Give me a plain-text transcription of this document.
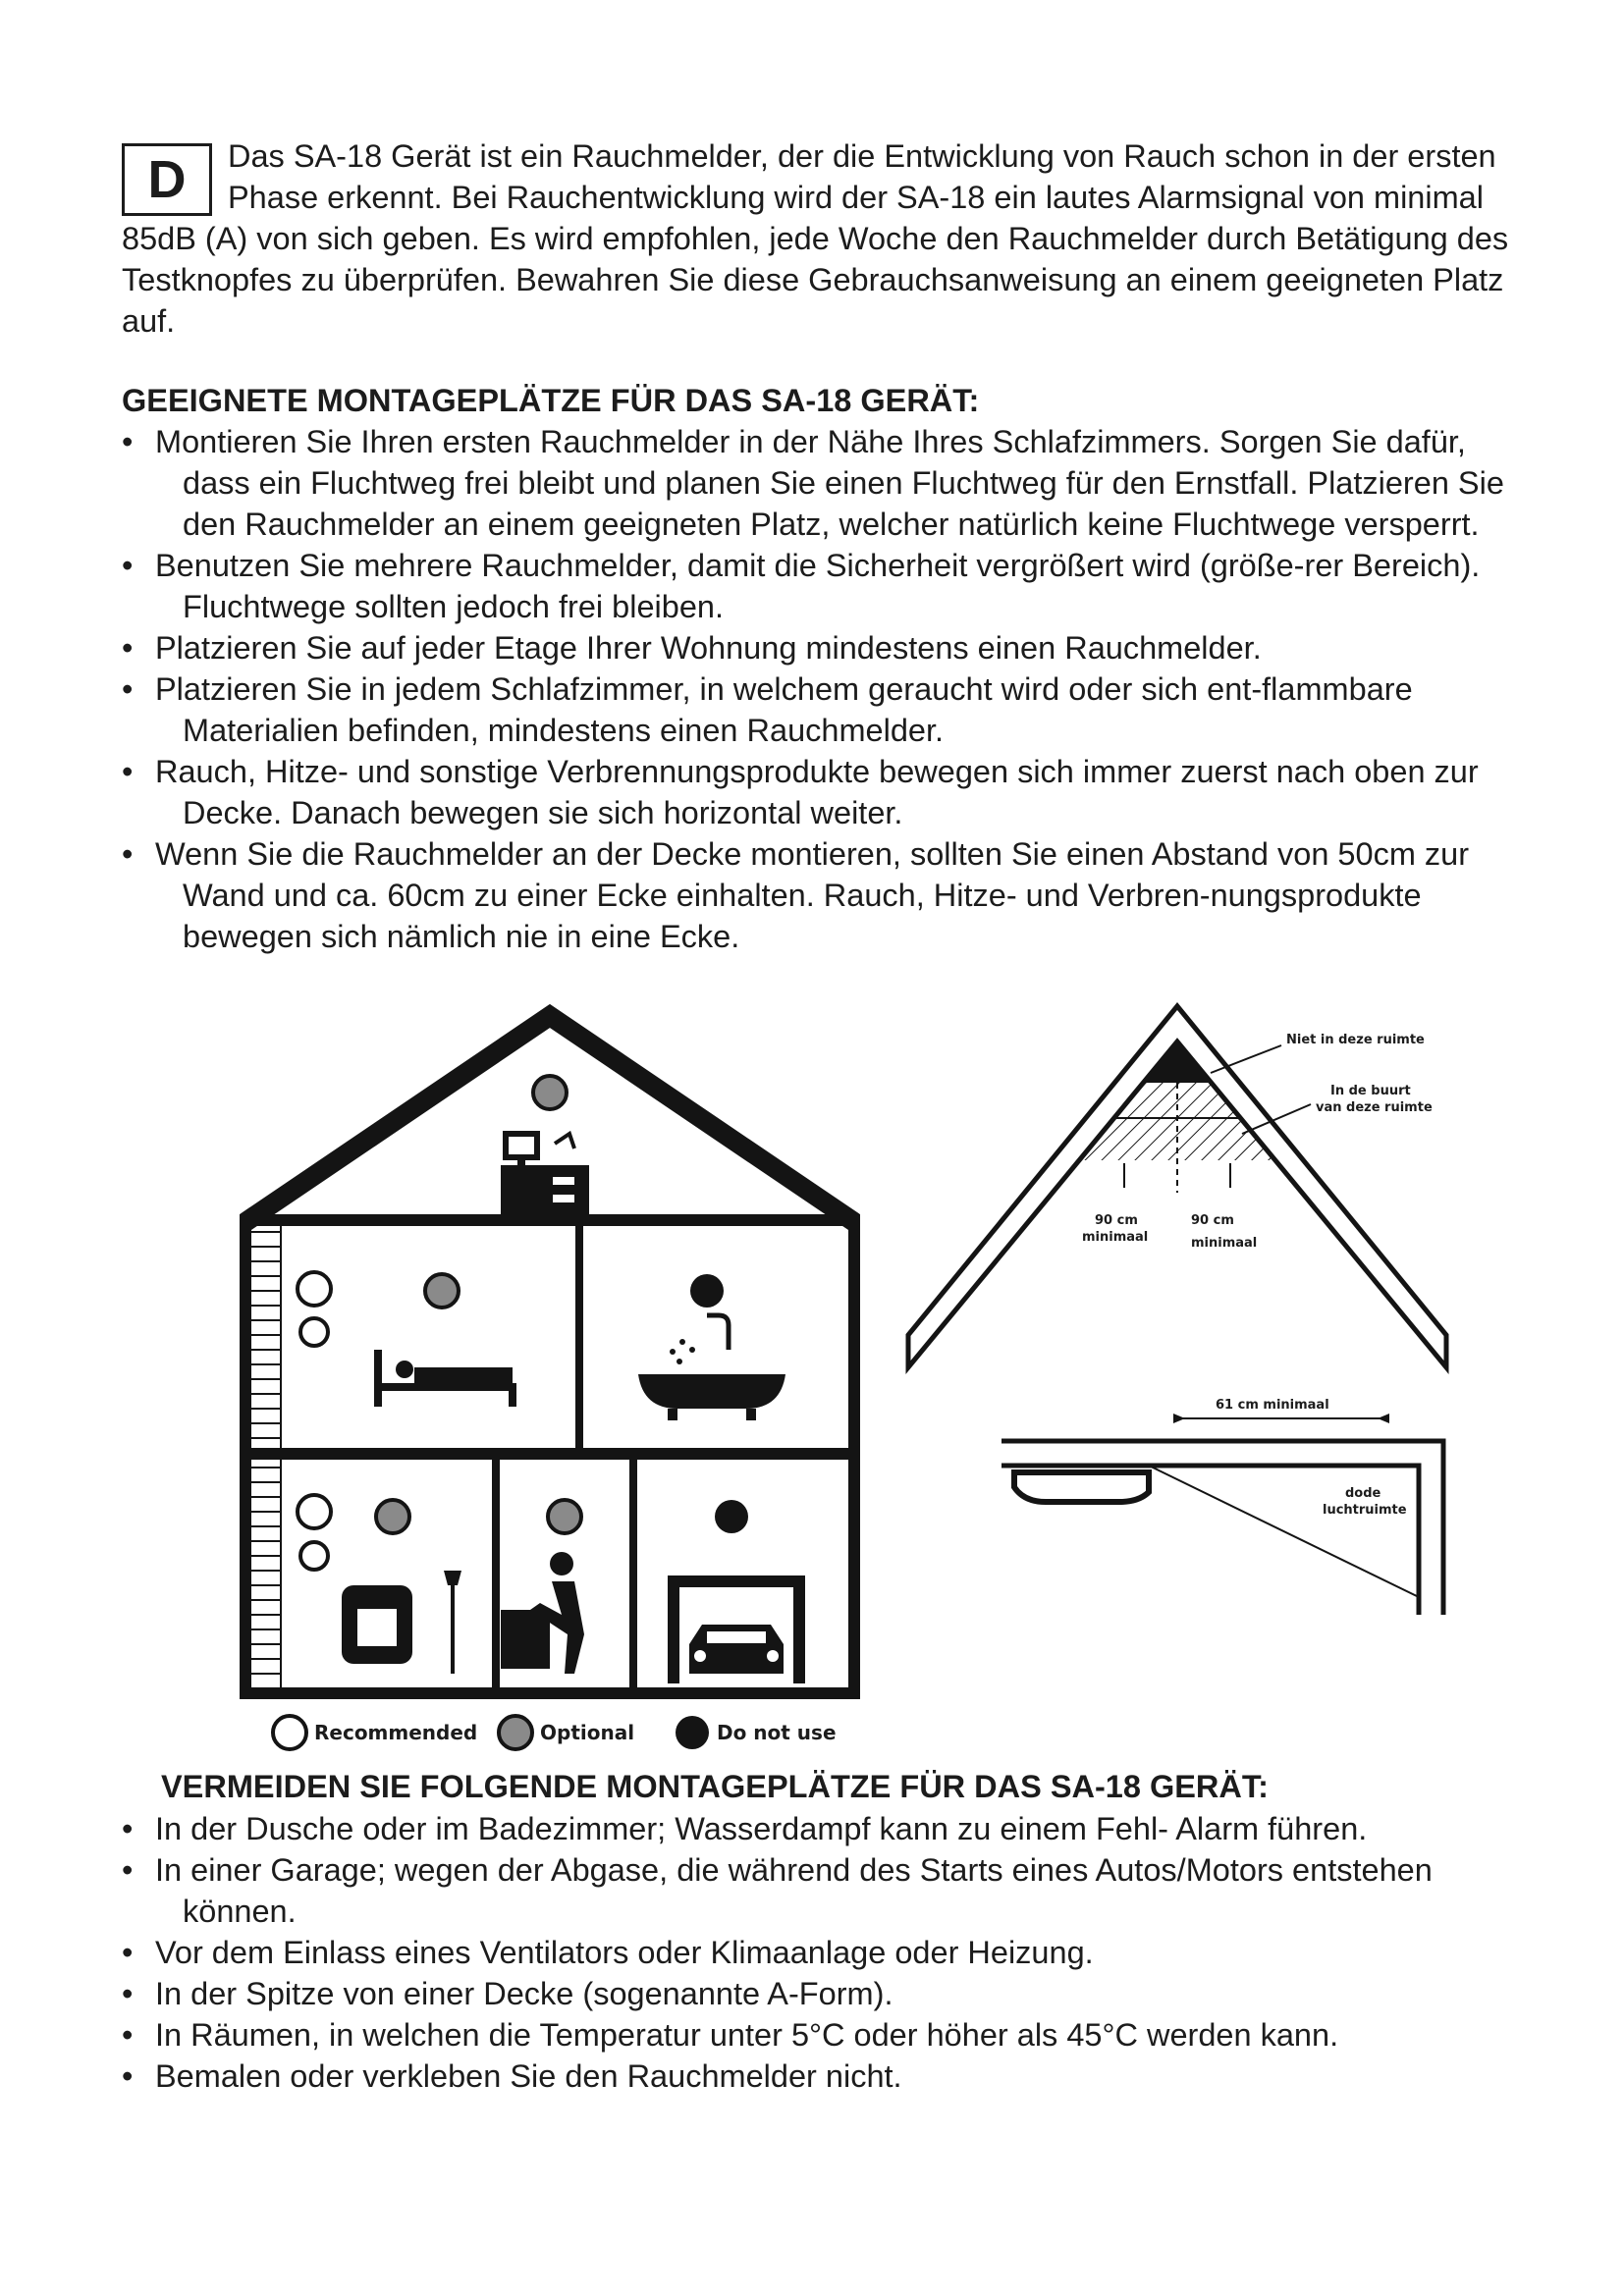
D	Das SA-18 Gerät ist ein Rauchmelder, der die Entwicklung von Rauch schon in der ersten Phase erkennt. Bei Rauchentwicklung wird der SA-18 ein lautes Alarmsignal von minimal 85dB (A) von sich geben. Es wird empfohlen, jede Woche den Rauchmelder durch Betätigung des Testknopfes zu überprüfen. Bewahren Sie diese Gebrauchsanweisung an einem geeigneten Platz auf.

GEEIGNETE MONTAGEPLÄTZE FÜR DAS SA-18 GERÄT:
• Montieren Sie Ihren ersten Rauchmelder in der Nähe Ihres Schlafzimmers. Sorgen Sie dafür, dass ein Fluchtweg frei bleibt und planen Sie einen Fluchtweg für den Ernstfall. Platzieren Sie den Rauchmelder an einem geeigneten Platz, welcher natürlich keine Fluchtwege versperrt.
• Benutzen Sie mehrere Rauchmelder, damit die Sicherheit vergrößert wird (größe-rer Bereich). Fluchtwege sollten jedoch frei bleiben.
• Platzieren Sie auf jeder Etage Ihrer Wohnung mindestens einen Rauchmelder.
• Platzieren Sie in jedem Schlafzimmer, in welchem geraucht wird oder sich ent-flammbare Materialien befinden, mindestens einen Rauchmelder.
• Rauch, Hitze- und sonstige Verbrennungsprodukte bewegen sich immer zuerst nach oben zur Decke. Danach bewegen sie sich horizontal weiter.
• Wenn Sie die Rauchmelder an der Decke montieren, sollten Sie einen Abstand von 50cm zur Wand und ca. 60cm zu einer Ecke einhalten. Rauch, Hitze- und Verbren-nungsprodukte bewegen sich nämlich nie in eine Ecke.
Recommended	Optional	Do not use
Niet in deze ruimte
In de buurt
van deze ruimte
90 cm
minimaal
90 cm
minimaal
61 cm minimaal
dode
luchtruimte
VERMEIDEN SIE FOLGENDE MONTAGEPLÄTZE FÜR DAS SA-18 GERÄT:
• In der Dusche oder im Badezimmer; Wasserdampf kann zu einem Fehl- Alarm führen.
• In einer Garage; wegen der Abgase, die während des Starts eines Autos/Motors entstehen können.
• Vor dem Einlass eines Ventilators oder Klimaanlage oder Heizung.
• In der Spitze von einer Decke (sogenannte A-Form).
• In Räumen, in welchen die Temperatur unter 5°C oder höher als 45°C werden kann.
• Bemalen oder verkleben Sie den Rauchmelder nicht.
